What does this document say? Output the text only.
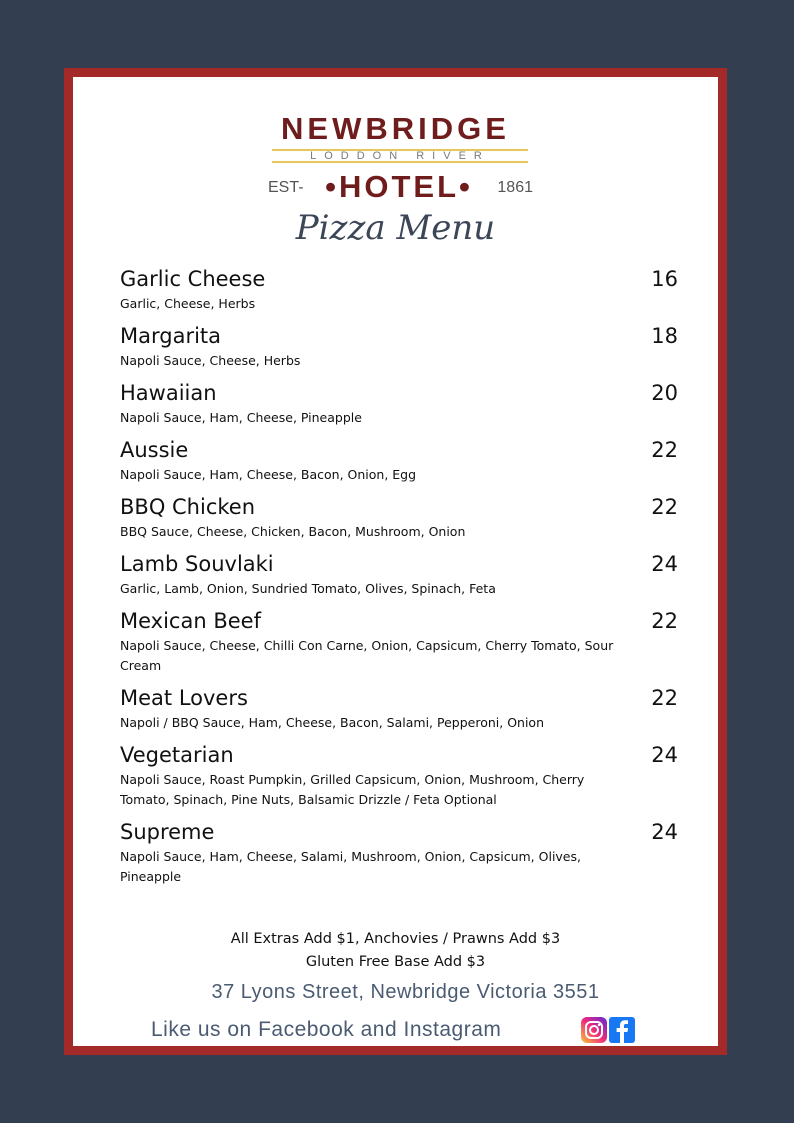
NEWBRIDGE
LODDON RIVER
EST- •HOTEL•	1861
Pizza Menu
Garlic Cheese	16
Garlic, Cheese, Herbs
Margarita	18
Napoli Sauce, Cheese, Herbs
Hawaiian	20
Napoli Sauce, Ham, Cheese, Pineapple
Aussie	22
Napoli Sauce, Ham, Cheese, Bacon, Onion, Egg
BBQ Chicken	22
BBQ Sauce, Cheese, Chicken, Bacon, Mushroom, Onion
Lamb Souvlaki	24
Garlic, Lamb, Onion, Sundried Tomato, Olives, Spinach, Feta
Mexican Beef	22
Napoli Sauce, Cheese, Chilli Con Carne, Onion, Capsicum, Cherry Tomato, Sour Cream
Meat Lovers	22
Napoli / BBQ Sauce, Ham, Cheese, Bacon, Salami, Pepperoni, Onion
Vegetarian	24
Napoli Sauce, Roast Pumpkin, Grilled Capsicum, Onion, Mushroom, Cherry Tomato, Spinach, Pine Nuts, Balsamic Drizzle / Feta Optional
Supreme	24
Napoli Sauce, Ham, Cheese, Salami, Mushroom, Onion, Capsicum, Olives, Pineapple
All Extras Add $1, Anchovies / Prawns Add $3
Gluten Free Base Add $3
37 Lyons Street, Newbridge Victoria 3551
Like us on Facebook and Instagram
